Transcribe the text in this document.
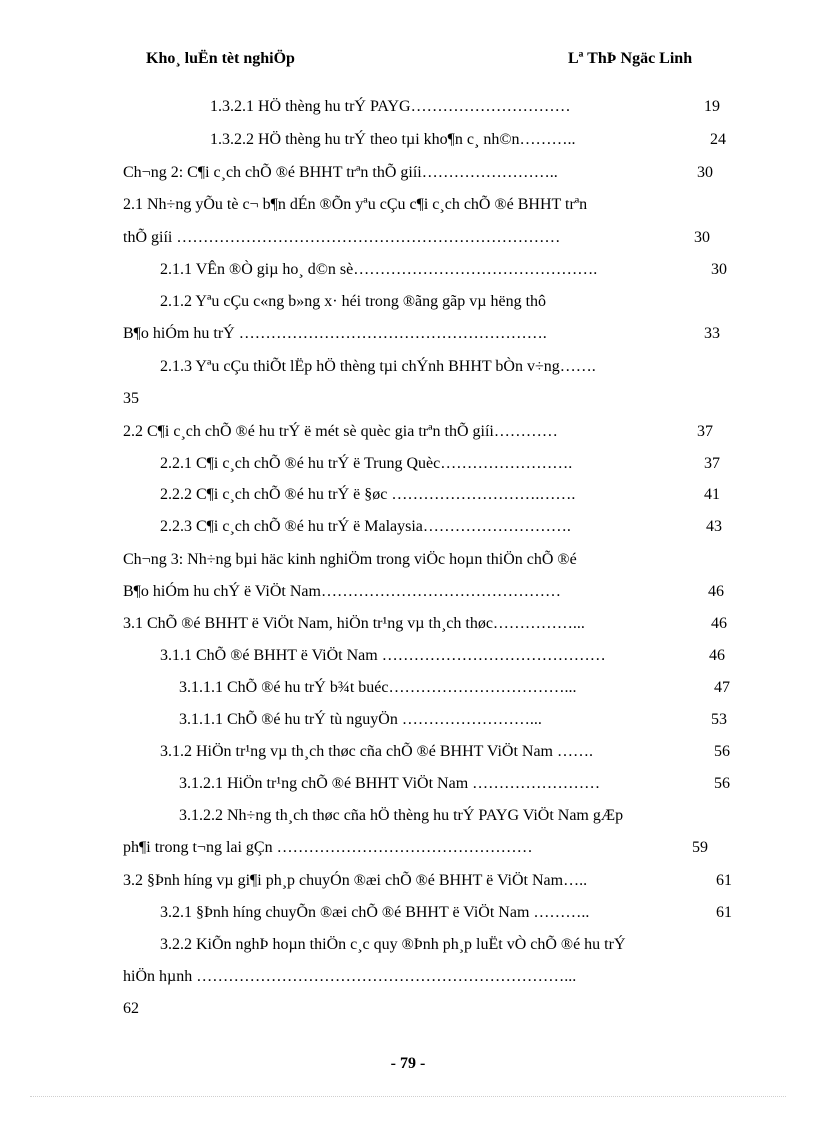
Kho¸ luËn tèt nghiÖp	Lª ThÞ Ngäc Linh
1.3.2.1 HÖ thèng hu trÝ PAYG…………………………	19
1.3.2.2 HÖ thèng hu trÝ theo tµi kho¶n c¸ nh©n………..	24
Ch¬ng 2: C¶i c¸ch chÕ ®é BHHT trªn thÕ giíi……………………..	30
2.1 Nh÷ng yÕu tè c¬ b¶n dÉn ®Õn yªu cÇu c¶i c¸ch chÕ ®é BHHT trªn
thÕ giíi ………………………………………………………………	30
2.1.1 VÊn ®Ò giµ ho¸ d©n sè……………………………………….	30
2.1.2 Yªu cÇu c«ng b»ng x· héi trong ®ãng gãp vµ hëng thô
B¶o hiÓm hu trÝ ………………………………………………….	33
2.1.3 Yªu cÇu thiÕt lËp hÖ thèng tµi chÝnh BHHT bÒn v÷ng…….
35
2.2 C¶i c¸ch chÕ ®é hu trÝ ë mét sè quèc gia trªn thÕ giíi…………	37
2.2.1 C¶i c¸ch chÕ ®é hu trÝ ë Trung Quèc…………………….	37
2.2.2 C¶i c¸ch chÕ ®é hu trÝ ë §øc ……………………….…….	41
2.2.3 C¶i c¸ch chÕ ®é hu trÝ ë Malaysia……………………….	43
Ch¬ng 3: Nh÷ng bµi häc kinh nghiÖm trong viÖc hoµn thiÖn chÕ ®é
B¶o hiÓm hu chÝ ë ViÖt Nam………………………………………	46
3.1 ChÕ ®é BHHT ë ViÖt Nam, hiÖn tr¹ng vµ th¸ch thøc……………...	46
3.1.1 ChÕ ®é BHHT ë ViÖt Nam ……………………………………	46
3.1.1.1 ChÕ ®é hu trÝ b¾t buéc……………………………...	47
3.1.1.1 ChÕ ®é hu trÝ tù nguyÖn ……………………...	53
3.1.2 HiÖn tr¹ng vµ th¸ch thøc cña chÕ ®é BHHT ViÖt Nam …….	56
3.1.2.1 HiÖn tr¹ng chÕ ®é BHHT ViÖt Nam ……………………	56
3.1.2.2 Nh÷ng th¸ch thøc cña hÖ thèng hu trÝ PAYG ViÖt Nam gÆp
ph¶i trong t¬ng lai gÇn …………………………………………	59
3.2 §Þnh híng vµ gi¶i ph¸p chuyÓn ®æi chÕ ®é BHHT ë ViÖt Nam…..	61
3.2.1 §Þnh híng chuyÕn ®æi chÕ ®é BHHT ë ViÖt Nam ………..	61
3.2.2 KiÕn nghÞ hoµn thiÖn c¸c quy ®Þnh ph¸p luËt vÒ chÕ ®é hu trÝ
hiÖn hµnh ……………………………………………………………...
62
- 79 -
